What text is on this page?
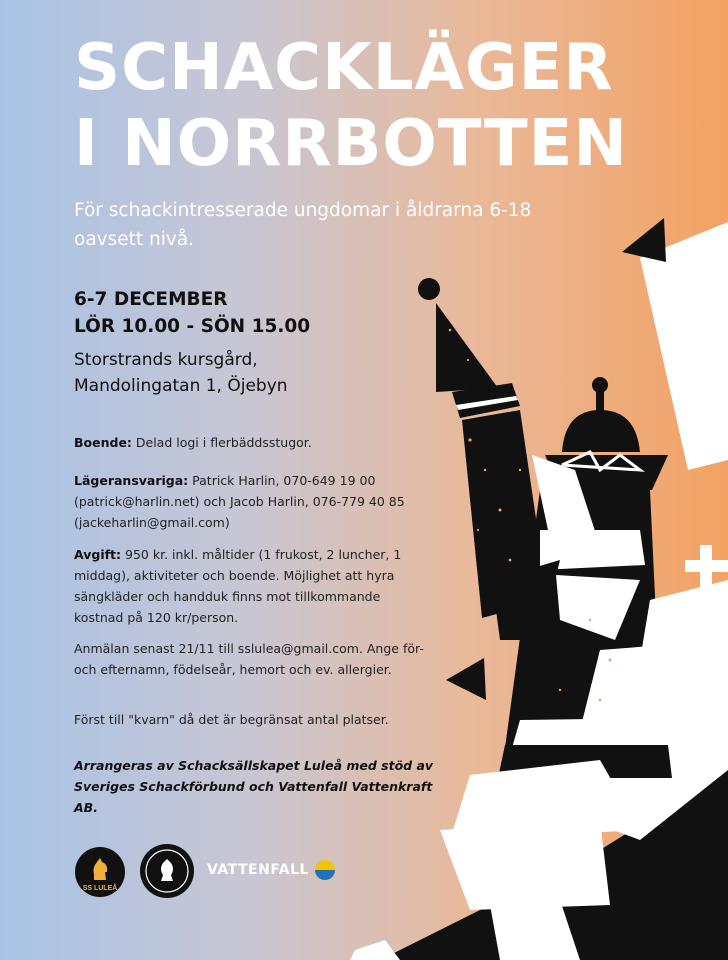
SCHACKLÄGER
I NORRBOTTEN

För schackintresserade ungdomar i åldrarna 6-18 oavsett nivå.

6-7 DECEMBER

LÖR 10.00 - SÖN 15.00

Storstrands kursgård,
Mandolingatan 1, Öjebyn

Boende: Delad logi i flerbäddsstugor.

Lägeransvariga: Patrick Harlin, 070-649 19 00 (patrick@harlin.net) och Jacob Harlin, 076-779 40 85 (jackeharlin@gmail.com)

Avgift: 950 kr. inkl. måltider (1 frukost, 2 luncher, 1 middag), aktiviteter och boende. Möjlighet att hyra sängkläder och handduk finns mot tillkommande kostnad på 120 kr/person.

Anmälan senast 21/11 till sslulea@gmail.com. Ange för- och efternamn, födelseår, hemort och ev. allergier.

Först till "kvarn" då det är begränsat antal platser.

Arrangeras av Schacksällskapet Luleå med stöd av Sveriges Schackförbund och Vattenfall Vattenkraft AB.

SS LULEÅ
VATTENFALL
